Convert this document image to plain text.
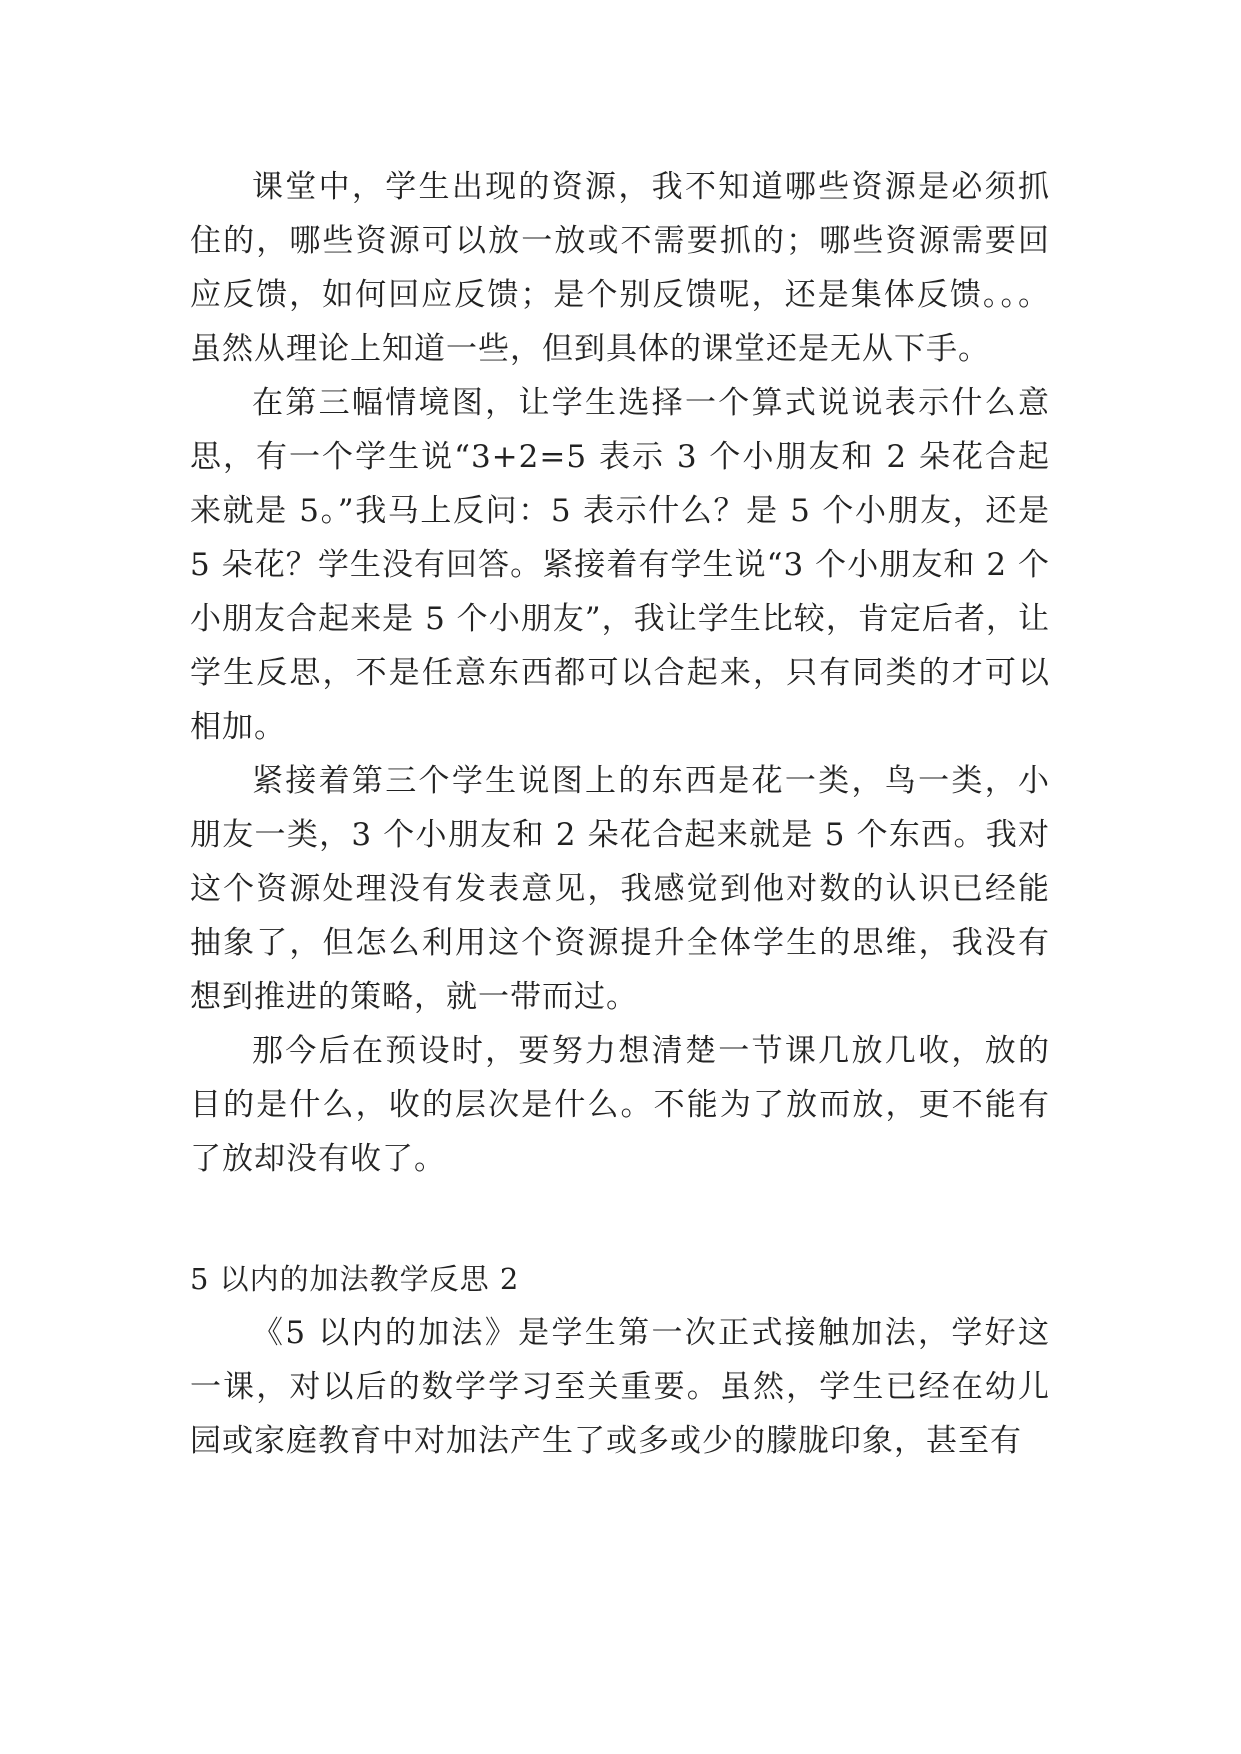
课堂中，学生出现的资源，我不知道哪些资源是必须抓住的，哪些资源可以放一放或不需要抓的；哪些资源需要回应反馈，如何回应反馈；是个别反馈呢，还是集体反馈。。。虽然从理论上知道一些，但到具体的课堂还是无从下手。

在第三幅情境图，让学生选择一个算式说说表示什么意思，有一个学生说“3+2=5 表示 3 个小朋友和 2 朵花合起来就是 5。”我马上反问：5 表示什么？是 5 个小朋友，还是 5 朵花？学生没有回答。紧接着有学生说“3 个小朋友和 2 个小朋友合起来是 5 个小朋友”，我让学生比较，肯定后者，让学生反思，不是任意东西都可以合起来，只有同类的才可以相加。

紧接着第三个学生说图上的东西是花一类，鸟一类，小朋友一类，3 个小朋友和 2 朵花合起来就是 5 个东西。我对这个资源处理没有发表意见，我感觉到他对数的认识已经能抽象了，但怎么利用这个资源提升全体学生的思维，我没有想到推进的策略，就一带而过。

那今后在预设时，要努力想清楚一节课几放几收，放的目的是什么，收的层次是什么。不能为了放而放，更不能有了放却没有收了。

5 以内的加法教学反思 2

《5 以内的加法》是学生第一次正式接触加法，学好这一课，对以后的数学学习至关重要。虽然，学生已经在幼儿园或家庭教育中对加法产生了或多或少的朦胧印象，甚至有
